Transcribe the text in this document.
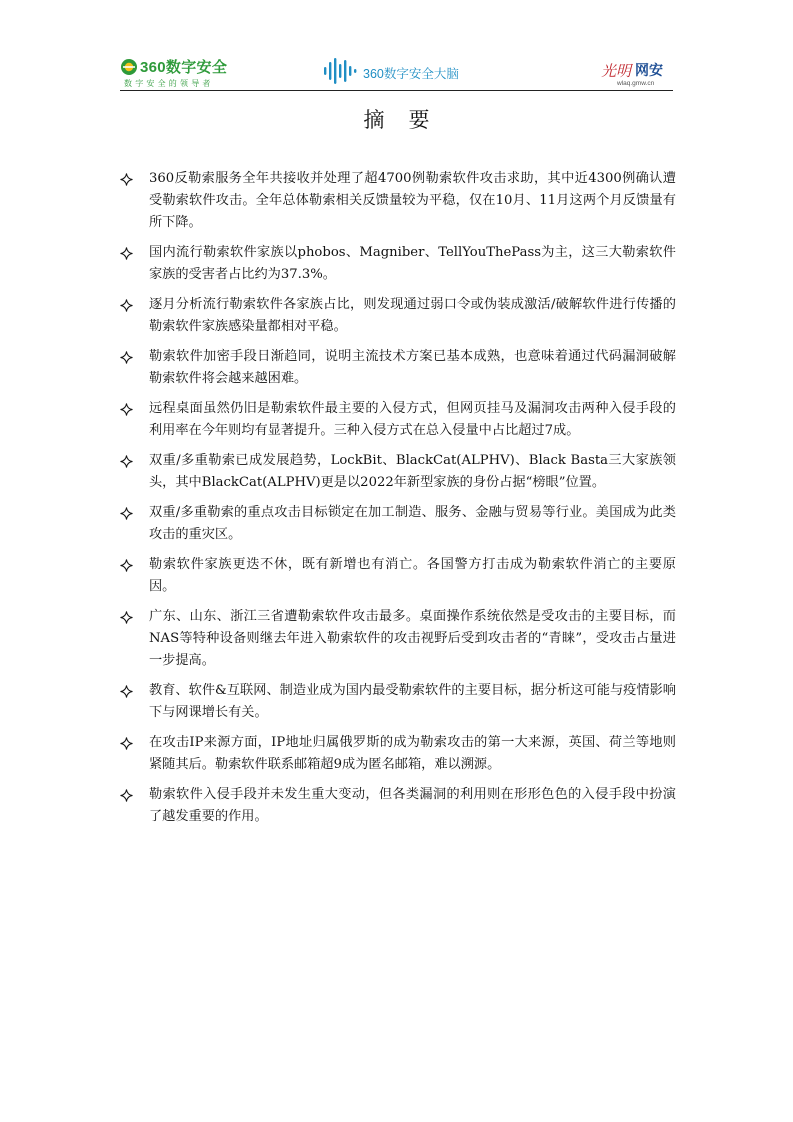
360数字安全
数字安全的领导者
360数字安全大脑	光明 网安
wlaq.gmw.cn
摘要
360反勒索服务全年共接收并处理了超4700例勒索软件攻击求助，其中近4300例确认遭受勒索软件攻击。全年总体勒索相关反馈量较为平稳，仅在10月、11月这两个月反馈量有所下降。
国内流行勒索软件家族以phobos、Magniber、TellYouThePass为主，这三大勒索软件家族的受害者占比约为37.3%。
逐月分析流行勒索软件各家族占比，则发现通过弱口令或伪装成激活/破解软件进行传播的勒索软件家族感染量都相对平稳。
勒索软件加密手段日渐趋同，说明主流技术方案已基本成熟，也意味着通过代码漏洞破解勒索软件将会越来越困难。
远程桌面虽然仍旧是勒索软件最主要的入侵方式，但网页挂马及漏洞攻击两种入侵手段的利用率在今年则均有显著提升。三种入侵方式在总入侵量中占比超过7成。
双重/多重勒索已成发展趋势，LockBit、BlackCat(ALPHV)、Black Basta三大家族领头，其中BlackCat(ALPHV)更是以2022年新型家族的身份占据“榜眼”位置。
双重/多重勒索的重点攻击目标锁定在加工制造、服务、金融与贸易等行业。美国成为此类攻击的重灾区。
勒索软件家族更迭不休，既有新增也有消亡。各国警方打击成为勒索软件消亡的主要原因。
广东、山东、浙江三省遭勒索软件攻击最多。桌面操作系统依然是受攻击的主要目标，而NAS等特种设备则继去年进入勒索软件的攻击视野后受到攻击者的“青睐”，受攻击占量进一步提高。
教育、软件&互联网、制造业成为国内最受勒索软件的主要目标，据分析这可能与疫情影响下与网课增长有关。
在攻击IP来源方面，IP地址归属俄罗斯的成为勒索攻击的第一大来源，英国、荷兰等地则紧随其后。勒索软件联系邮箱超9成为匿名邮箱，难以溯源。
勒索软件入侵手段并未发生重大变动，但各类漏洞的利用则在形形色色的入侵手段中扮演了越发重要的作用。
